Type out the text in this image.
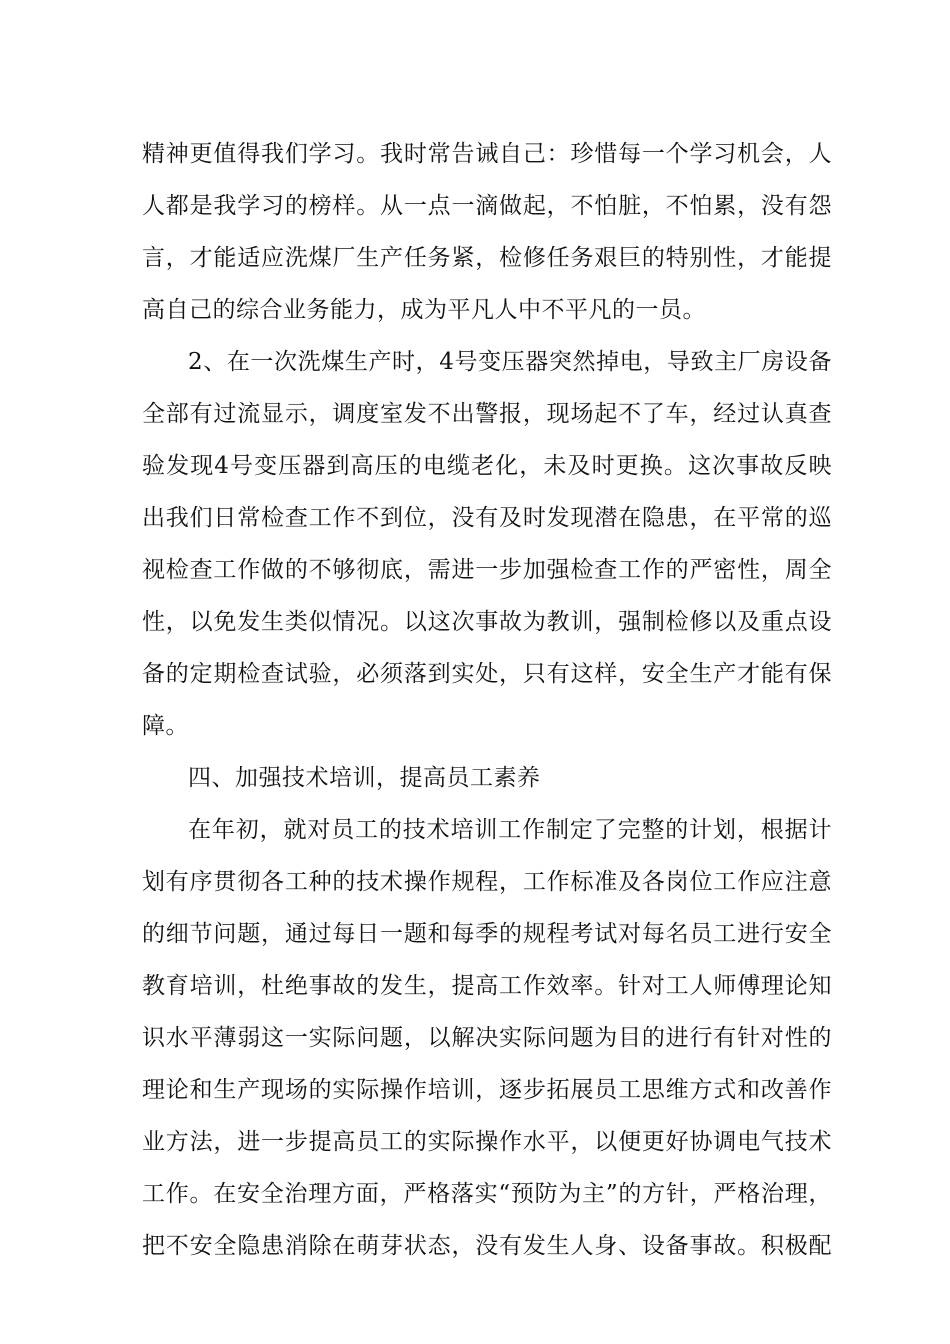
精神更值得我们学习。我时常告诫自己：珍惜每一个学习机会，人
人都是我学习的榜样。从一点一滴做起，不怕脏，不怕累，没有怨
言，才能适应洗煤厂生产任务紧，检修任务艰巨的特别性，才能提
高自己的综合业务能力，成为平凡人中不平凡的一员。
2、在一次洗煤生产时，4号变压器突然掉电，导致主厂房设备
全部有过流显示，调度室发不出警报，现场起不了车，经过认真查
验发现4号变压器到高压的电缆老化，未及时更换。这次事故反映
出我们日常检查工作不到位，没有及时发现潜在隐患，在平常的巡
视检查工作做的不够彻底，需进一步加强检查工作的严密性，周全
性，以免发生类似情况。以这次事故为教训，强制检修以及重点设
备的定期检查试验，必须落到实处，只有这样，安全生产才能有保
障。
四、加强技术培训，提高员工素养
在年初，就对员工的技术培训工作制定了完整的计划，根据计
划有序贯彻各工种的技术操作规程，工作标准及各岗位工作应注意
的细节问题，通过每日一题和每季的规程考试对每名员工进行安全
教育培训，杜绝事故的发生，提高工作效率。针对工人师傅理论知
识水平薄弱这一实际问题，以解决实际问题为目的进行有针对性的
理论和生产现场的实际操作培训，逐步拓展员工思维方式和改善作
业方法，进一步提高员工的实际操作水平，以便更好协调电气技术
工作。在安全治理方面，严格落实“预防为主”的方针，严格治理，
把不安全隐患消除在萌芽状态，没有发生人身、设备事故。积极配
